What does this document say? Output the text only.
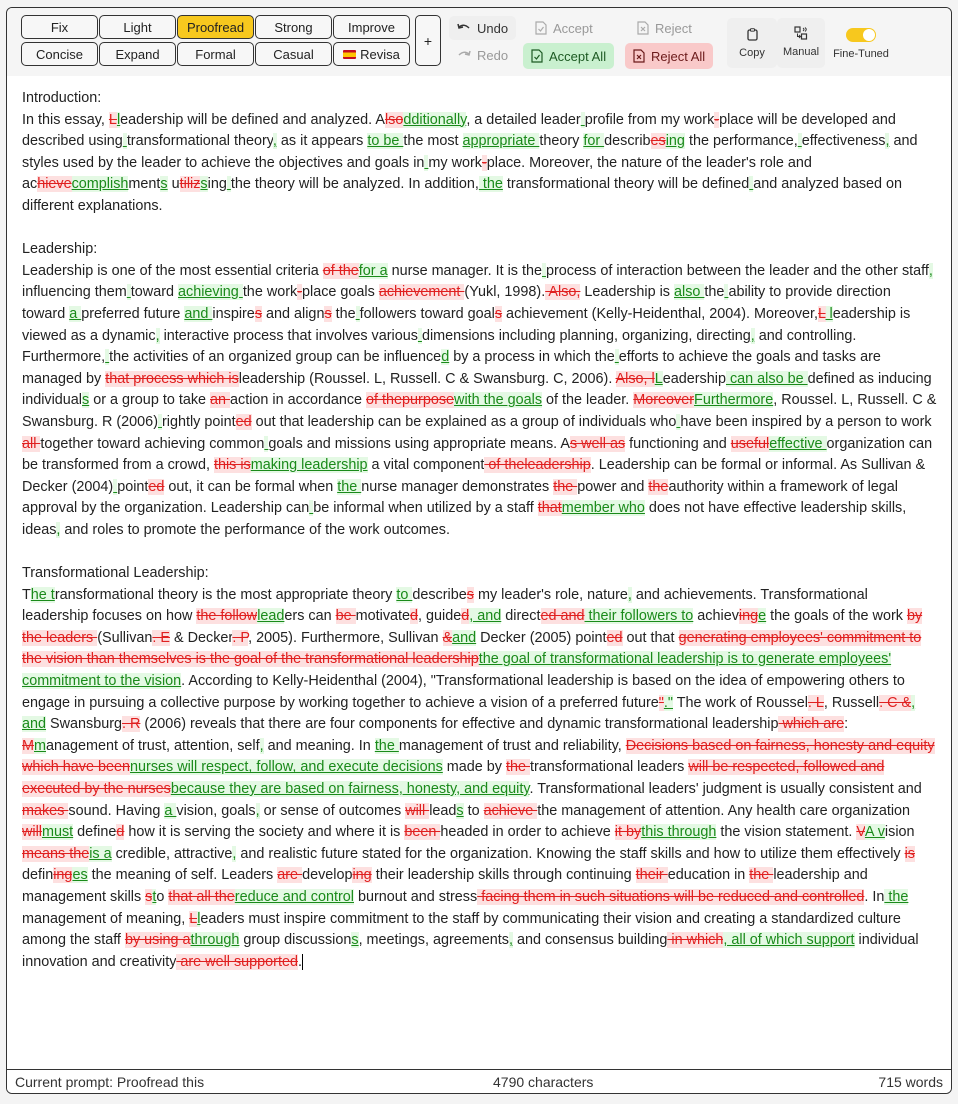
Fix	Light	Proofread Strong	Improve
Concise Expand	Formal	Casual	Revisa
+
Undo
Redo
Accept
Accept All
Reject
Reject All	Copy Manual Fine-Tuned
Introduction:
In this essay, Lleadership will be defined and analyzed. Alsodditionally, a detailed leader profile from my work-place will be developed and described using transformational theory, as it appears to be the most appropriate theory for describesing the performance, effectiveness, and styles used by the leader to achieve the objectives and goals in my work-place. Moreover, the nature of the leader's role and achievecomplishments utilizsing the theory will be analyzed. In addition, the transformational theory will be defined and analyzed based on different explanations.
Leadership:
Leadership is one of the most essential criteria of thefor a nurse manager. It is the process of interaction between the leader and the other staff, influencing them toward achieving the work-place goals achievement (Yukl, 1998). Also, Leadership is also the ability to provide direction toward a preferred future and inspires and aligns the followers toward goals achievement (Kelly-Heidenthal, 2004). Moreover,L leadership is viewed as a dynamic, interactive process that involves various dimensions including planning, organizing, directing, and controlling. Furthermore, the activities of an organized group can be influenced by a process in which the efforts to achieve the goals and tasks are managed by that process which isleadership (Roussel. L, Russell. C & Swansburg. C, 2006). Also, lLeadership can also be defined as inducing individuals or a group to take an action in accordance of thepurposewith the goals of the leader. MoreoverFurthermore, Roussel. L, Russell. C & Swansburg. R (2006) rightly pointed out that leadership can be explained as a group of individuals who have been inspired by a person to work all together toward achieving common goals and missions using appropriate means. As well as functioning and usefuleffective organization can be transformed from a crowd, this ismaking leadership a vital component of theleadership. Leadership can be formal or informal. As Sullivan & Decker (2004) pointed out, it can be formal when the nurse manager demonstrates the power and theauthority within a framework of legal approval by the organization. Leadership can be informal when utilized by a staff thatmember who does not have effective leadership skills, ideas, and roles to promote the performance of the work outcomes.
Transformational Leadership:
The transformational theory is the most appropriate theory to describes my leader's role, nature, and achievements. Transformational leadership focuses on how the followleaders can be motivated, guided, and directed and their followers to achievinge the goals of the work by the leaders (Sullivan. E & Decker. P, 2005). Furthermore, Sullivan &and Decker (2005) pointed out that generating employees' commitment to the vision than themselves is the goal of the transformational leadershipthe goal of transformational leadership is to generate employees' commitment to the vision. According to Kelly-Heidenthal (2004), "Transformational leadership is based on the idea of empowering others to engage in pursuing a collective purpose by working together to achieve a vision of a preferred future"." The work of Roussel. L, Russell. C &, and Swansburg. R (2006) reveals that there are four components for effective and dynamic transformational leadership which are: Mmanagement of trust, attention, self, and meaning. In the management of trust and reliability, Decisions based on fairness, honesty and equity which have beennurses will respect, follow, and execute decisions made by the transformational leaders will be respected, followed and executed by the nursesbecause they are based on fairness, honesty, and equity. Transformational leaders' judgment is usually consistent and makes sound. Having a vision, goals, or sense of outcomes will leads to achieve the management of attention. Any health care organization willmust defined how it is serving the society and where it is been headed in order to achieve it bythis through the vision statement. VA vision means theis a credible, attractive, and realistic future stated for the organization. Knowing the staff skills and how to utilize them effectively is defininges the meaning of self. Leaders are developing their leadership skills through continuing their education in the leadership and management skills sto that all thereduce and control burnout and stress facing them in such situations will be reduced and controlled. In the management of meaning, Lleaders must inspire commitment to the staff by communicating their vision and creating a standardized culture among the staff by using athrough group discussions, meetings, agreements, and consensus building in which, all of which support individual innovation and creativity are well supported.
Current prompt: Proofread this	4790 characters	715 words
